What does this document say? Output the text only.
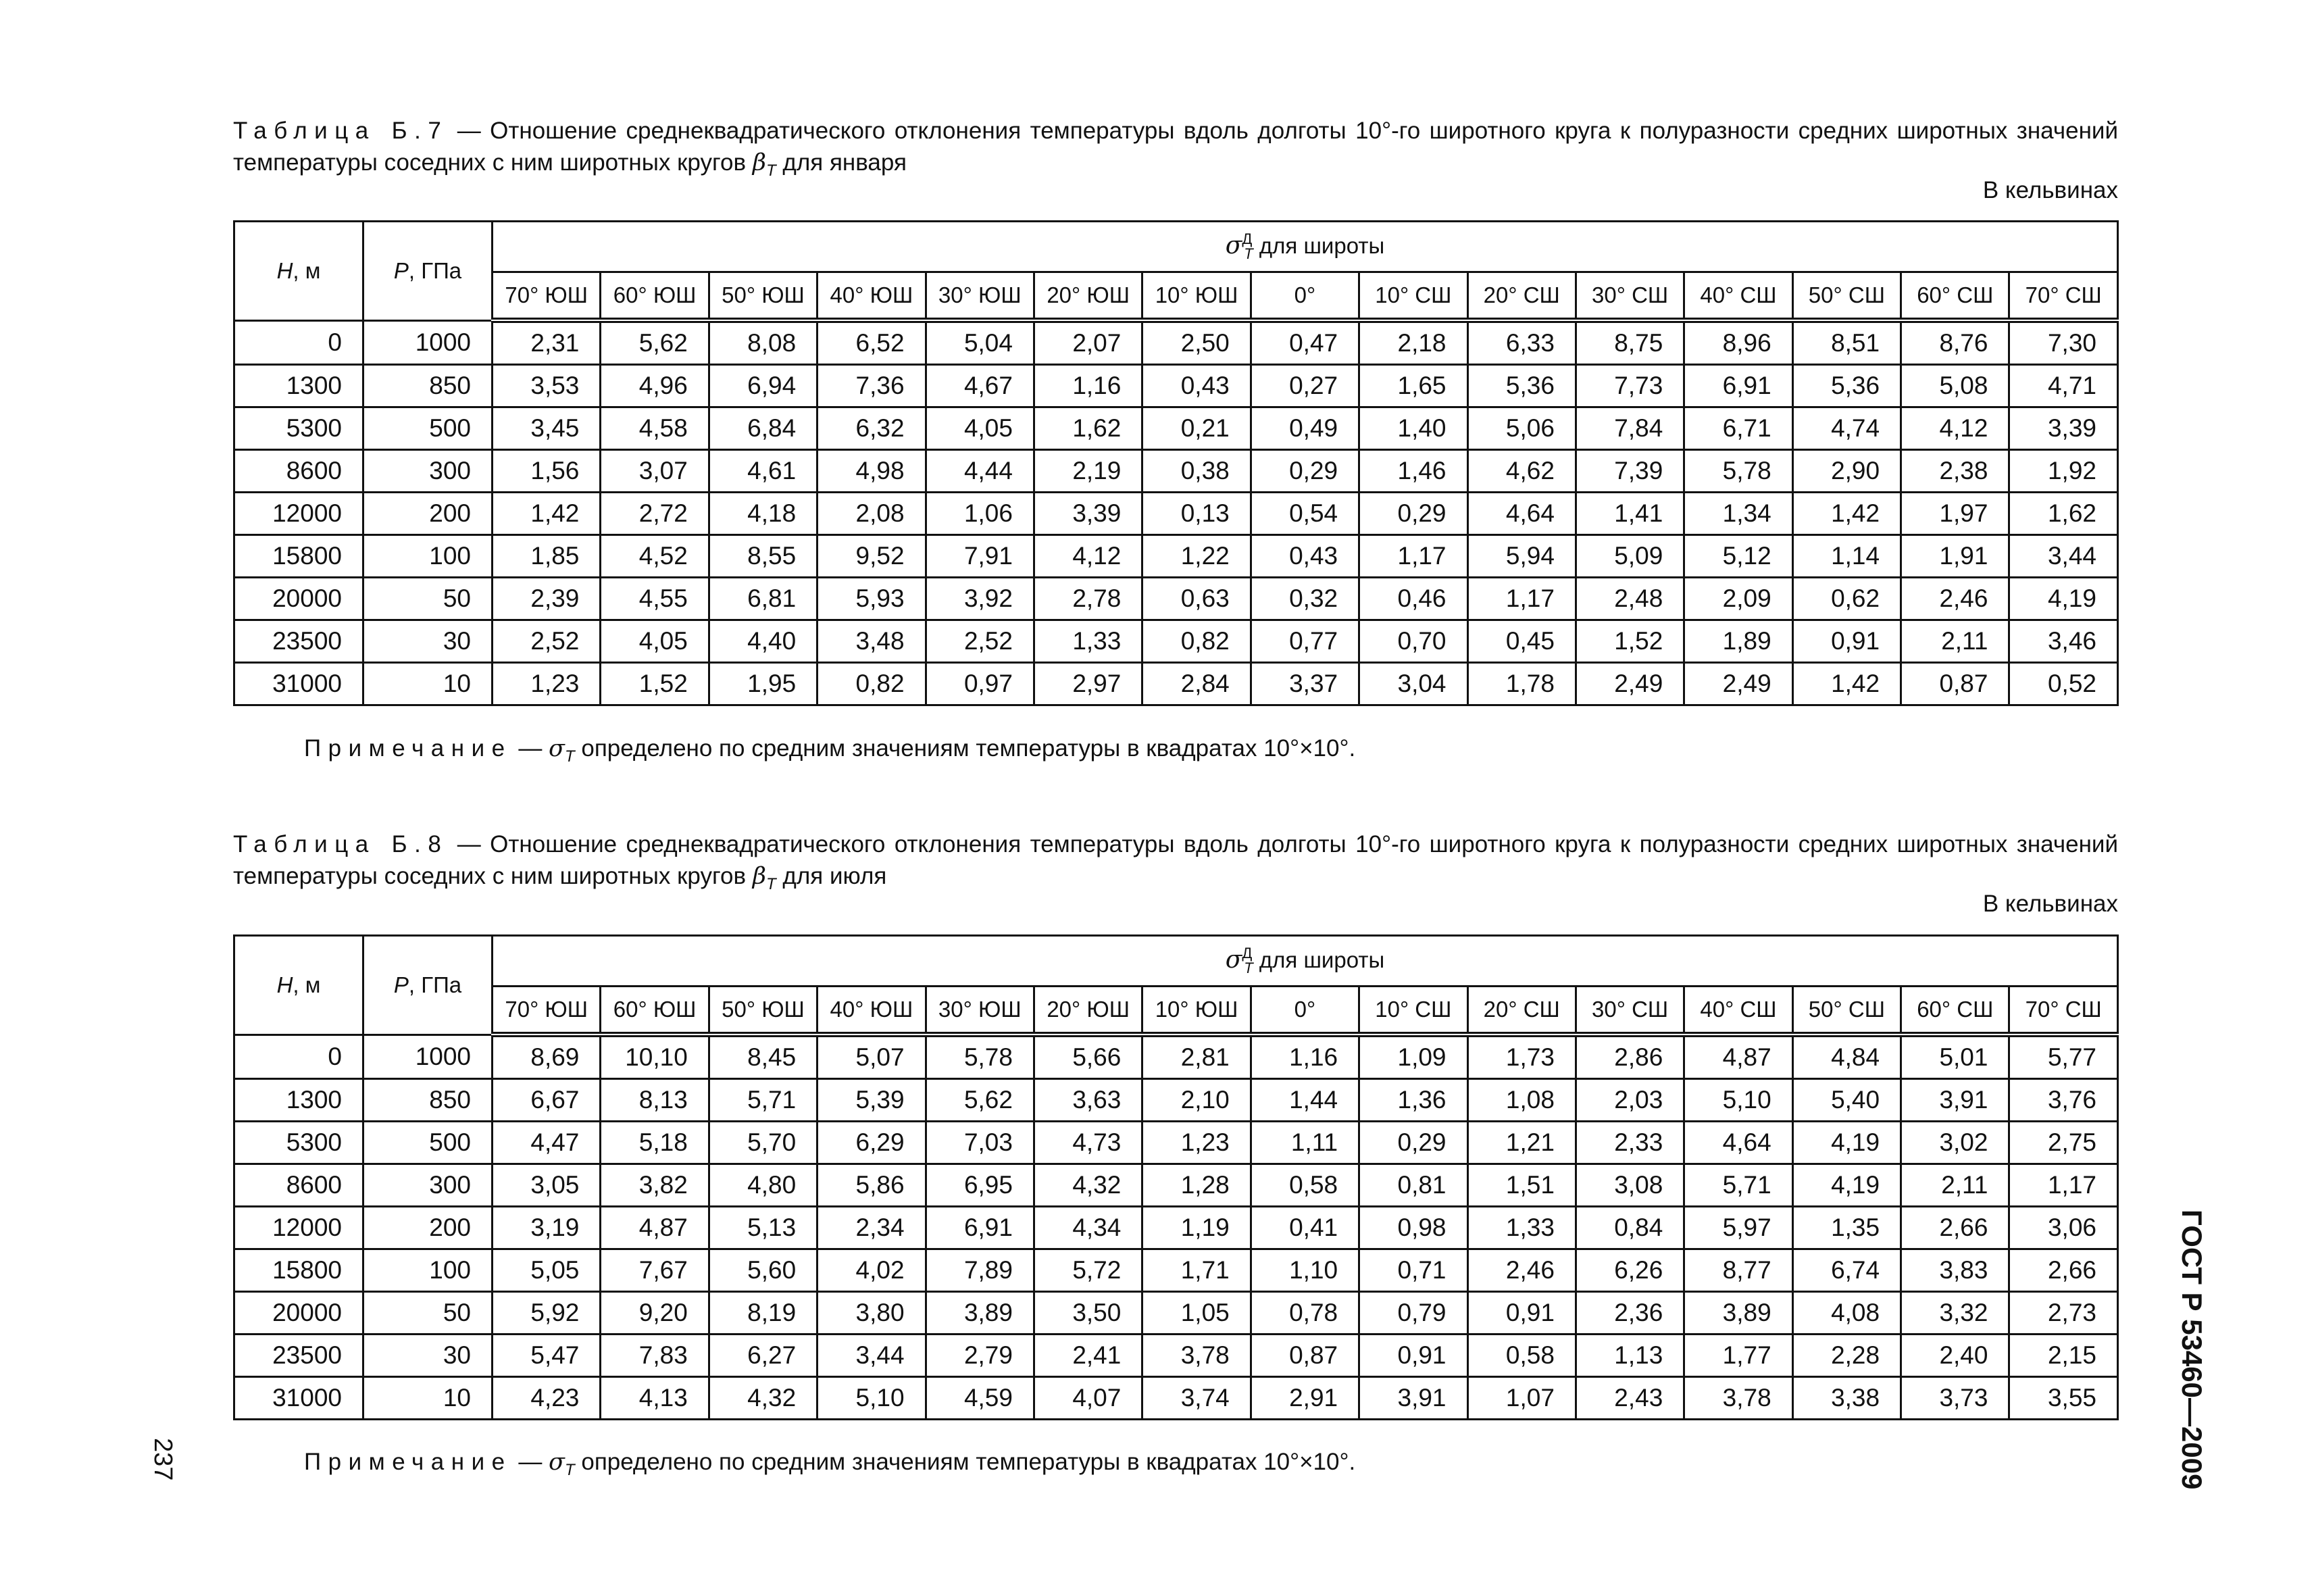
Таблица Б.7 — Отношение среднеквадратического отклонения температуры вдоль долготы 10°-го широтного круга к полуразности средних широтных значений температуры соседних с ним широтных кругов $\beta_T$ для января
В кельвинах
H, м	P, ГПа	$\sigma^Д_T$ для широты														
		70° ЮШ	60° ЮШ	50° ЮШ	40° ЮШ	30° ЮШ	20° ЮШ	10° ЮШ	0°	10° СШ	20° СШ	30° СШ	40° СШ	50° СШ	60° СШ	70° СШ
0	1000	2,31	5,62	8,08	6,52	5,04	2,07	2,50	0,47	2,18	6,33	8,75	8,96	8,51	8,76	7,30
1300	850	3,53	4,96	6,94	7,36	4,67	1,16	0,43	0,27	1,65	5,36	7,73	6,91	5,36	5,08	4,71
5300	500	3,45	4,58	6,84	6,32	4,05	1,62	0,21	0,49	1,40	5,06	7,84	6,71	4,74	4,12	3,39
8600	300	1,56	3,07	4,61	4,98	4,44	2,19	0,38	0,29	1,46	4,62	7,39	5,78	2,90	2,38	1,92
12000	200	1,42	2,72	4,18	2,08	1,06	3,39	0,13	0,54	0,29	4,64	1,41	1,34	1,42	1,97	1,62
15800	100	1,85	4,52	8,55	9,52	7,91	4,12	1,22	0,43	1,17	5,94	5,09	5,12	1,14	1,91	3,44
20000	50	2,39	4,55	6,81	5,93	3,92	2,78	0,63	0,32	0,46	1,17	2,48	2,09	0,62	2,46	4,19
23500	30	2,52	4,05	4,40	3,48	2,52	1,33	0,82	0,77	0,70	0,45	1,52	1,89	0,91	2,11	3,46
31000	10	1,23	1,52	1,95	0,82	0,97	2,97	2,84	3,37	3,04	1,78	2,49	2,49	1,42	0,87	0,52
Примечание — $\sigma_T$ определено по средним значениям температуры в квадратах 10°×10°.
Таблица Б.8 — Отношение среднеквадратического отклонения температуры вдоль долготы 10°-го широтного круга к полуразности средних широтных значений температуры соседних с ним широтных кругов $\beta_T$ для июля
В кельвинах
H, м	P, ГПа	$\sigma^Д_T$ для широты														
		70° ЮШ	60° ЮШ	50° ЮШ	40° ЮШ	30° ЮШ	20° ЮШ	10° ЮШ	0°	10° СШ	20° СШ	30° СШ	40° СШ	50° СШ	60° СШ	70° СШ
0	1000	8,69	10,10	8,45	5,07	5,78	5,66	2,81	1,16	1,09	1,73	2,86	4,87	4,84	5,01	5,77
1300	850	6,67	8,13	5,71	5,39	5,62	3,63	2,10	1,44	1,36	1,08	2,03	5,10	5,40	3,91	3,76
5300	500	4,47	5,18	5,70	6,29	7,03	4,73	1,23	1,11	0,29	1,21	2,33	4,64	4,19	3,02	2,75
8600	300	3,05	3,82	4,80	5,86	6,95	4,32	1,28	0,58	0,81	1,51	3,08	5,71	4,19	2,11	1,17
12000	200	3,19	4,87	5,13	2,34	6,91	4,34	1,19	0,41	0,98	1,33	0,84	5,97	1,35	2,66	3,06
15800	100	5,05	7,67	5,60	4,02	7,89	5,72	1,71	1,10	0,71	2,46	6,26	8,77	6,74	3,83	2,66
20000	50	5,92	9,20	8,19	3,80	3,89	3,50	1,05	0,78	0,79	0,91	2,36	3,89	4,08	3,32	2,73
23500	30	5,47	7,83	6,27	3,44	2,79	2,41	3,78	0,87	0,91	0,58	1,13	1,77	2,28	2,40	2,15
31000	10	4,23	4,13	4,32	5,10	4,59	4,07	3,74	2,91	3,91	1,07	2,43	3,78	3,38	3,73	3,55
Примечание — $\sigma_T$ определено по средним значениям температуры в квадратах 10°×10°.
237	ГОСТ Р 53460—2009
